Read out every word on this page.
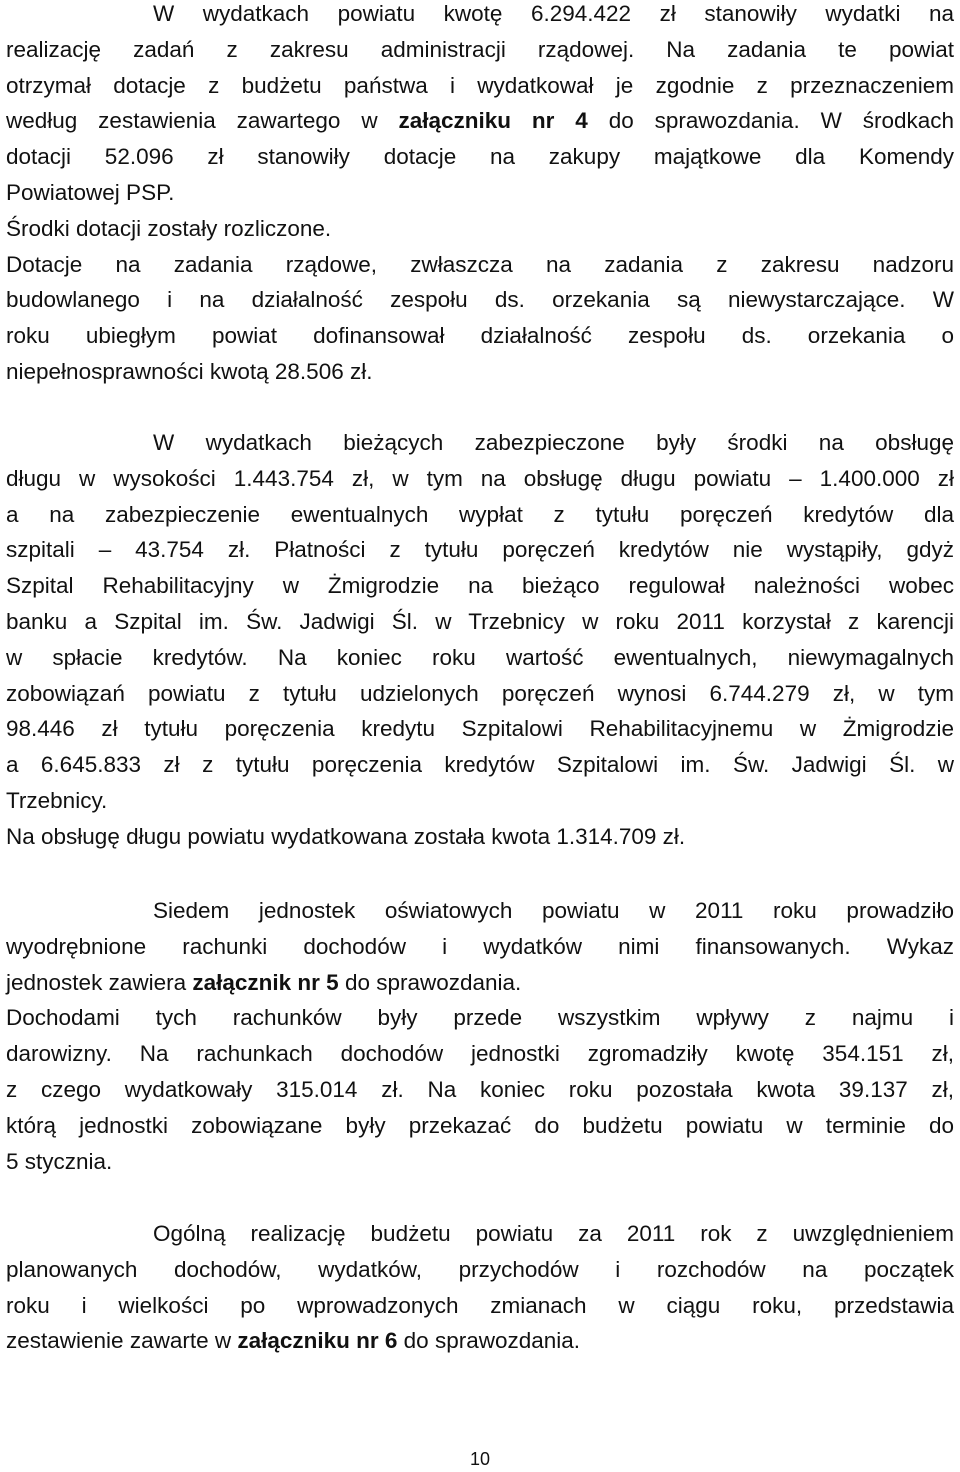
W wydatkach powiatu kwotę 6.294.422 zł stanowiły wydatki na
realizację zadań z zakresu administracji rządowej. Na zadania te powiat
otrzymał dotacje z budżetu państwa i wydatkował je zgodnie z przeznaczeniem
według zestawienia zawartego w załączniku nr 4 do sprawozdania. W środkach
dotacji 52.096 zł stanowiły dotacje na zakupy majątkowe dla Komendy
Powiatowej PSP.
Środki dotacji zostały rozliczone.
Dotacje na zadania rządowe, zwłaszcza na zadania z zakresu nadzoru
budowlanego i na działalność zespołu ds. orzekania są niewystarczające. W
roku ubiegłym powiat dofinansował działalność zespołu ds. orzekania o
niepełnosprawności kwotą 28.506 zł.
W wydatkach bieżących zabezpieczone były środki na obsługę
długu w wysokości 1.443.754 zł, w tym na obsługę długu powiatu – 1.400.000 zł
a na zabezpieczenie ewentualnych wypłat z tytułu poręczeń kredytów dla
szpitali – 43.754 zł. Płatności z tytułu poręczeń kredytów nie wystąpiły, gdyż
Szpital Rehabilitacyjny w Żmigrodzie na bieżąco regulował należności wobec
banku a Szpital im. Św. Jadwigi Śl. w Trzebnicy w roku 2011 korzystał z karencji
w spłacie kredytów. Na koniec roku wartość ewentualnych, niewymagalnych
zobowiązań powiatu z tytułu udzielonych poręczeń wynosi 6.744.279 zł, w tym
98.446 zł tytułu poręczenia kredytu Szpitalowi Rehabilitacyjnemu w Żmigrodzie
a 6.645.833 zł z tytułu poręczenia kredytów Szpitalowi im. Św. Jadwigi Śl. w
Trzebnicy.
Na obsługę długu powiatu wydatkowana została kwota 1.314.709 zł.
Siedem jednostek oświatowych powiatu w 2011 roku prowadziło
wyodrębnione rachunki dochodów i wydatków nimi finansowanych. Wykaz
jednostek zawiera załącznik nr 5 do sprawozdania.
Dochodami tych rachunków były przede wszystkim wpływy z najmu i
darowizny. Na rachunkach dochodów jednostki zgromadziły kwotę 354.151 zł,
z czego wydatkowały 315.014 zł. Na koniec roku pozostała kwota 39.137 zł,
którą jednostki zobowiązane były przekazać do budżetu powiatu w terminie do
5 stycznia.
Ogólną realizację budżetu powiatu za 2011 rok z uwzględnieniem
planowanych dochodów, wydatków, przychodów i rozchodów na początek
roku i wielkości po wprowadzonych zmianach w ciągu roku, przedstawia
zestawienie zawarte w załączniku nr 6 do sprawozdania.
10
